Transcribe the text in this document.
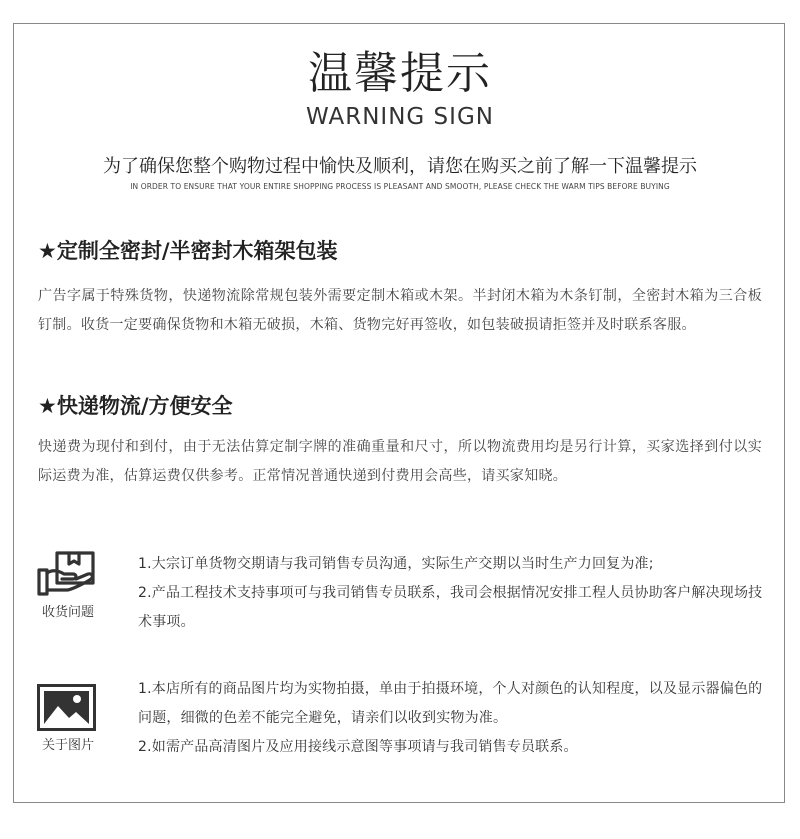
温馨提示
WARNING SIGN
为了确保您整个购物过程中愉快及顺利，请您在购买之前了解一下温馨提示
IN ORDER TO ENSURE THAT YOUR ENTIRE SHOPPING PROCESS IS PLEASANT AND SMOOTH, PLEASE CHECK THE WARM TIPS BEFORE BUYING
★定制全密封/半密封木箱架包装
广告字属于特殊货物，快递物流除常规包装外需要定制木箱或木架。半封闭木箱为木条钉制，全密封木箱为三合板钉制。收货一定要确保货物和木箱无破损，木箱、货物完好再签收，如包装破损请拒签并及时联系客服。
★快递物流/方便安全
快递费为现付和到付，由于无法估算定制字牌的准确重量和尺寸，所以物流费用均是另行计算，买家选择到付以实际运费为准，估算运费仅供参考。正常情况普通快递到付费用会高些，请买家知晓。
收货问题

1.大宗订单货物交期请与我司销售专员沟通，实际生产交期以当时生产力回复为准;

2.产品工程技术支持事项可与我司销售专员联系，我司会根据情况安排工程人员协助客户解决现场技术事项。

关于图片

1.本店所有的商品图片均为实物拍摄，单由于拍摄环境，个人对颜色的认知程度，以及显示器偏色的问题，细微的色差不能完全避免，请亲们以收到实物为准。

2.如需产品高清图片及应用接线示意图等事项请与我司销售专员联系。
